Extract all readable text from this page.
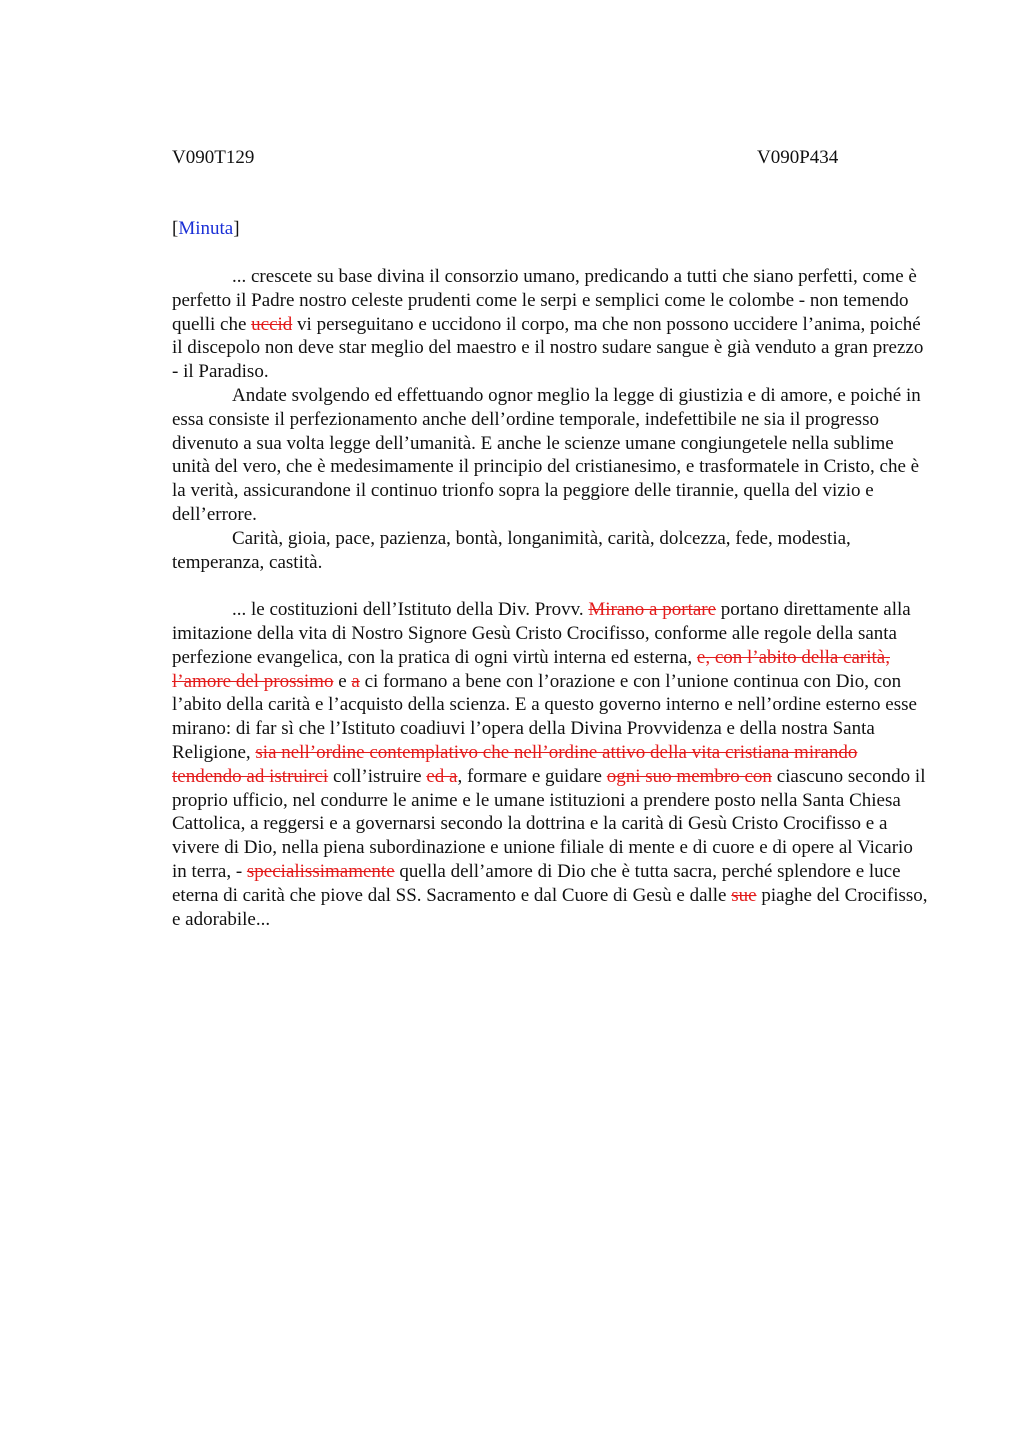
V090T129	V090P434
[Minuta]

... crescete su base divina il consorzio umano, predicando a tutti che siano perfetti, come è perfetto il Padre nostro celeste prudenti come le serpi e semplici come le colombe - non temendo quelli che uccid vi perseguitano e uccidono il corpo, ma che non possono uccidere l’anima, poiché il discepolo non deve star meglio del maestro e il nostro sudare sangue è già venduto a gran prezzo - il Paradiso.

Andate svolgendo ed effettuando ognor meglio la legge di giustizia e di amore, e poiché in essa consiste il perfezionamento anche dell’ordine temporale, indefettibile ne sia il progresso divenuto a sua volta legge dell’umanità. E anche le scienze umane congiungetele nella sublime unità del vero, che è medesimamente il principio del cristianesimo, e trasformatele in Cristo, che è la verità, assicurandone il continuo trionfo sopra la peggiore delle tirannie, quella del vizio e dell’errore.

Carità, gioia, pace, pazienza, bontà, longanimità, carità, dolcezza, fede, modestia, temperanza, castità.

... le costituzioni dell’Istituto della Div. Provv. Mirano a portare portano direttamente alla imitazione della vita di Nostro Signore Gesù Cristo Crocifisso, conforme alle regole della santa perfezione evangelica, con la pratica di ogni virtù interna ed esterna, e, con l’abito della carità, l’amore del prossimo e a ci formano a bene con l’orazione e con l’unione continua con Dio, con l’abito della carità e l’acquisto della scienza. E a questo governo interno e nell’ordine esterno esse mirano: di far sì che l’Istituto coadiuvi l’opera della Divina Provvidenza e della nostra Santa Religione, sia nell’ordine contemplativo che nell’ordine attivo della vita cristiana mirando tendendo ad istruirci coll’istruire ed a, formare e guidare ogni suo membro con ciascuno secondo il proprio ufficio, nel condurre le anime e le umane istituzioni a prendere posto nella Santa Chiesa Cattolica, a reggersi e a governarsi secondo la dottrina e la carità di Gesù Cristo Crocifisso e a vivere di Dio, nella piena subordinazione e unione filiale di mente e di cuore e di opere al Vicario in terra, - specialissimamente quella dell’amore di Dio che è tutta sacra, perché splendore e luce eterna di carità che piove dal SS. Sacramento e dal Cuore di Gesù e dalle sue piaghe del Crocifisso, e adorabile...
